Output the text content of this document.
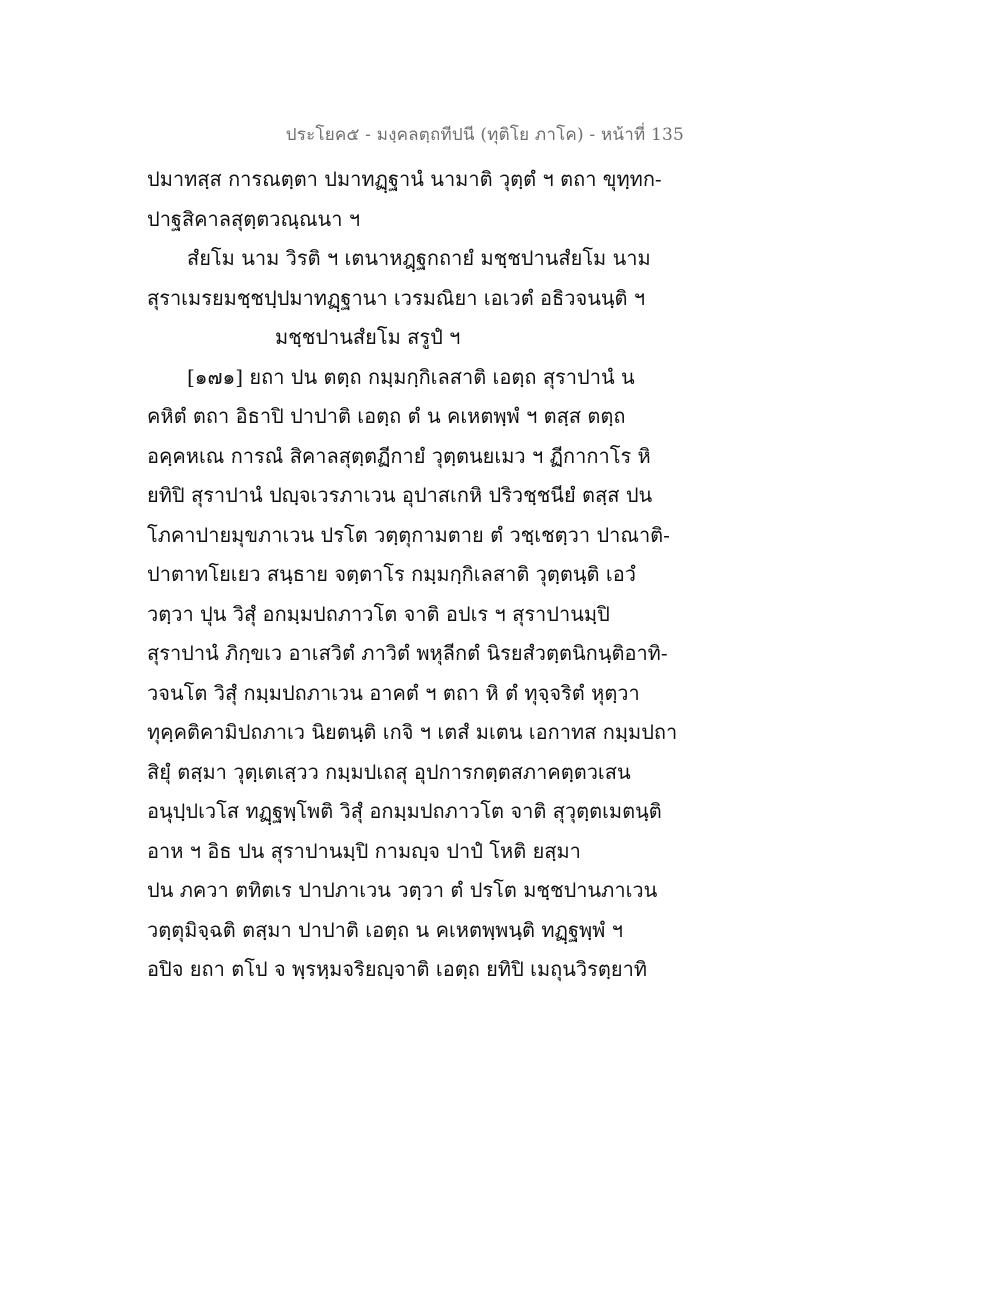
ประโยค๕ - มงฺคลตฺถทีปนี (ทุติโย ภาโค) - หน้าที่ 135
ปมาทสฺส การณตฺตา ปมาทฏฺฐานํ นามาติ วุตฺตํ ฯ ตถา ขุทฺทก-
ปาฐสิคาลสุตฺตวณฺณนา ฯ
สํยโม นาม วิรติ ฯ เตนาหฎฺฐกถายํ มชฺชปานสํยโม นาม
สุราเมรยมชฺชปฺปมาทฏฺฐานา เวรมณิยา เอเวตํ อธิวจนนฺติ ฯ
มชฺชปานสํยโม สรูปํ ฯ
[๑๗๑] ยถา ปน ตตฺถ กมฺมกฺกิเลสาติ เอตฺถ สุราปานํ น
คหิตํ ตถา อิธาปิ ปาปาติ เอตฺถ ตํ น คเหตพฺพํ ฯ ตสฺส ตตฺถ
อคฺคหเณ การณํ สิคาลสุตฺตฏีกายํ วุตฺตนยเมว ฯ ฏีกากาโร หิ
ยทิปิ สุราปานํ ปญฺจเวรภาเวน อุปาสเกหิ ปริวชฺชนียํ ตสฺส ปน
โภคาปายมุขภาเวน ปรโต วตฺตุกามตาย ตํ วชฺเชตฺวา ปาณาติ-
ปาตาทโยเยว สนฺธาย จตฺตาโร กมฺมกฺกิเลสาติ วุตฺตนฺติ เอวํ
วตฺวา ปุน วิสุํ อกมฺมปถภาวโต จาติ อปเร ฯ สุราปานมฺปิ
สุราปานํ ภิกฺขเว อาเสวิตํ ภาวิตํ พหุลีกตํ นิรยสํวตฺตนิกนฺติอาทิ-
วจนโต วิสุํ กมฺมปถภาเวน อาคตํ ฯ ตถา หิ ตํ ทุจฺจริตํ หุตฺวา
ทุคฺคติคามิปถภาเว นิยตนฺติ เกจิ ฯ เตสํ มเตน เอกาทส กมฺมปถา
สิยุํ ตสฺมา วุตฺเตเสฺวว กมฺมปเถสุ อุปการกตฺตสภาคตฺตวเสน
อนุปฺปเวโส ทฏฺฐพฺโพติ วิสุํ อกมฺมปถภาวโต จาติ สุวุตฺตเมตนฺติ
อาห ฯ อิธ ปน สุราปานมฺปิ กามญฺจ ปาปํ โหติ ยสฺมา
ปน ภควา ตทิตเร ปาปภาเวน วตฺวา ตํ ปรโต มชฺชปานภาเวน
วตฺตุมิจฺฉติ ตสฺมา ปาปาติ เอตฺถ น คเหตพฺพนฺติ ทฏฺฐพฺพํ ฯ
อปิจ ยถา ตโป จ พฺรหฺมจริยญฺจาติ เอตฺถ ยทิปิ เมถุนวิรตฺยาทิ
